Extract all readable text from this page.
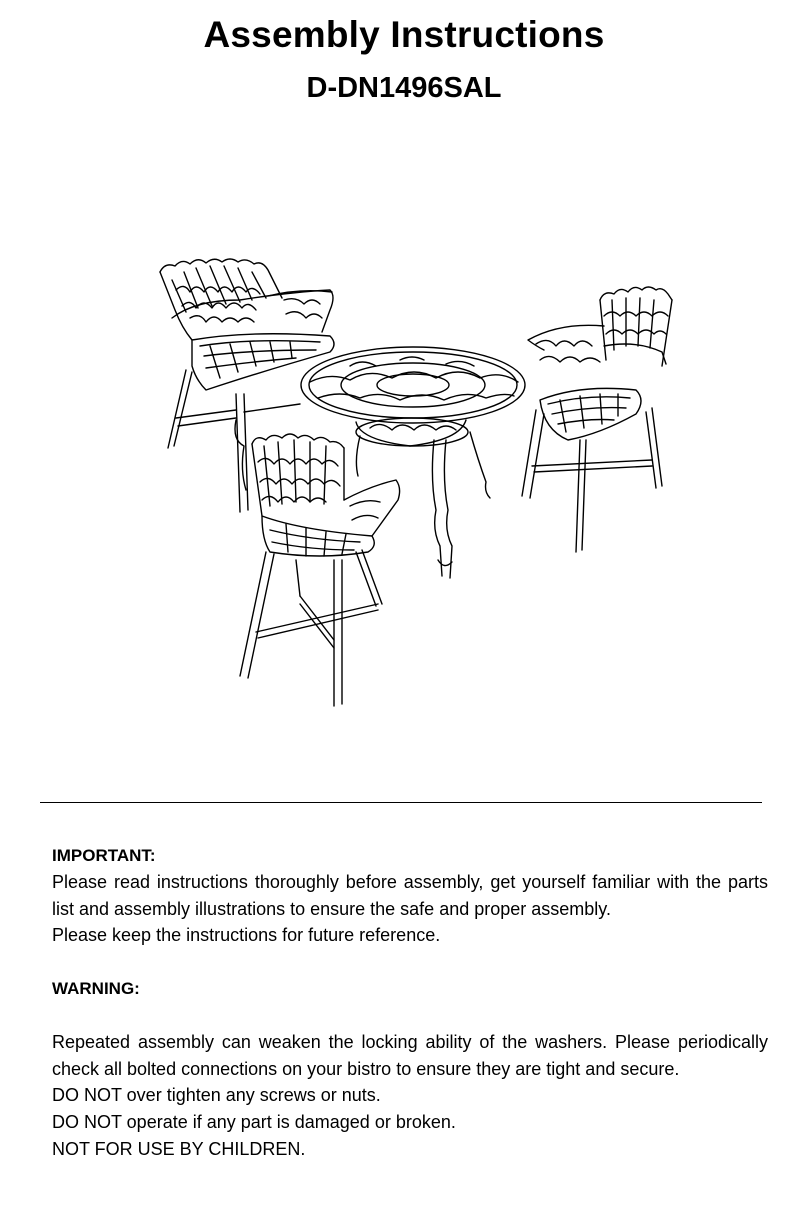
Assembly Instructions
D-DN1496SAL

IMPORTANT:

Please read instructions thoroughly before assembly, get yourself familiar with the parts list and assembly illustrations to ensure the safe and proper assembly.
Please keep the instructions for future reference.

WARNING:

Repeated assembly can weaken the locking ability of the washers. Please periodically check all bolted connections on your bistro to ensure they are tight and secure.
DO NOT over tighten any screws or nuts.
DO NOT operate if any part is damaged or broken.

NOT FOR USE BY CHILDREN.
